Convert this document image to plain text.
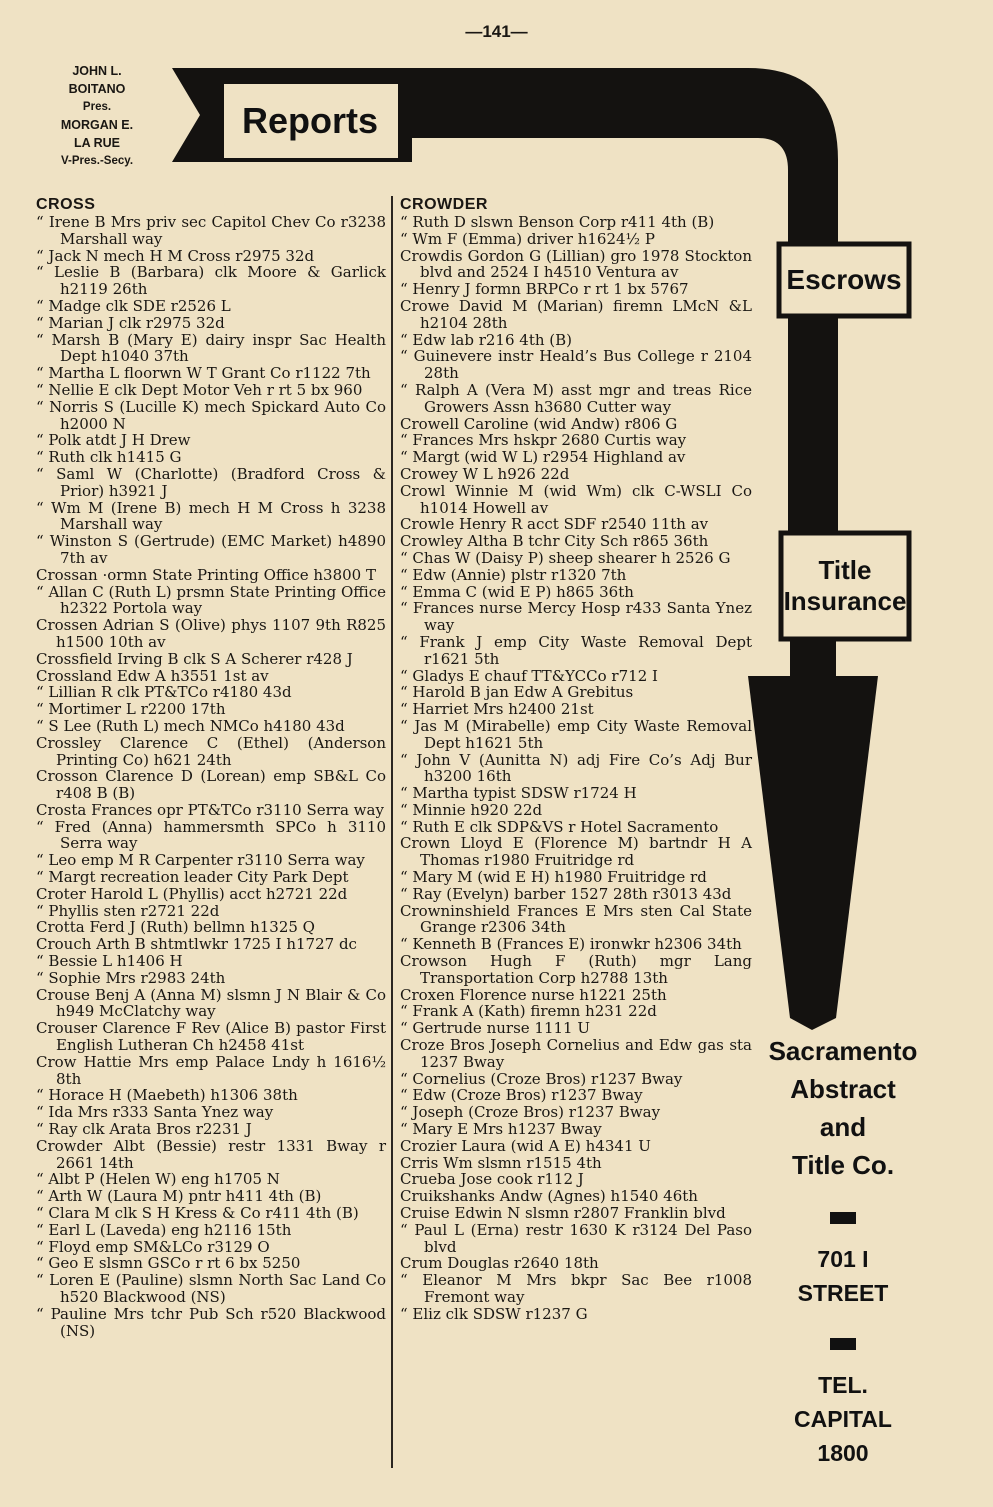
—141—
JOHN L.
BOITANO
Pres.
MORGAN E.
LA RUE
V-Pres.-Secy.
Reports
Escrows
Title
Insurance
Sacramento
Abstract
and
Title Co.
701 I
STREET
TEL.
CAPITAL
1800
CROSS
“ Irene B Mrs priv sec Capitol Chev Co r3238 Marshall way
“ Jack N mech H M Cross r2975 32d
“ Leslie B (Barbara) clk Moore & Garlick h2119 26th
“ Madge clk SDE r2526 L
“ Marian J clk r2975 32d
“ Marsh B (Mary E) dairy inspr Sac Health Dept h1040 37th
“ Martha L floorwn W T Grant Co r1122 7th
“ Nellie E clk Dept Motor Veh r rt 5 bx 960
“ Norris S (Lucille K) mech Spickard Auto Co h2000 N
“ Polk atdt J H Drew
“ Ruth clk h1415 G
“ Saml W (Charlotte) (Bradford Cross & Prior) h3921 J
“ Wm M (Irene B) mech H M Cross h 3238 Marshall way
“ Winston S (Gertrude) (EMC Market) h4890 7th av
Crossan ·ormn State Printing Office h3800 T
“ Allan C (Ruth L) prsmn State Printing Office h2322 Portola way
Crossen Adrian S (Olive) phys 1107 9th R825 h1500 10th av
Crossfield Irving B clk S A Scherer r428 J
Crossland Edw A h3551 1st av
“ Lillian R clk PT&TCo r4180 43d
“ Mortimer L r2200 17th
“ S Lee (Ruth L) mech NMCo h4180 43d
Crossley Clarence C (Ethel) (Anderson Printing Co) h621 24th
Crosson Clarence D (Lorean) emp SB&L Co r408 B (B)
Crosta Frances opr PT&TCo r3110 Serra way
“ Fred (Anna) hammersmth SPCo h 3110 Serra way
“ Leo emp M R Carpenter r3110 Serra way
“ Margt recreation leader City Park Dept
Croter Harold L (Phyllis) acct h2721 22d
“ Phyllis sten r2721 22d
Crotta Ferd J (Ruth) bellmn h1325 Q
Crouch Arth B shtmtlwkr 1725 I h1727 dc
“ Bessie L h1406 H
“ Sophie Mrs r2983 24th
Crouse Benj A (Anna M) slsmn J N Blair & Co h949 McClatchy way
Crouser Clarence F Rev (Alice B) pastor First English Lutheran Ch h2458 41st
Crow Hattie Mrs emp Palace Lndy h 1616½ 8th
“ Horace H (Maebeth) h1306 38th
“ Ida Mrs r333 Santa Ynez way
“ Ray clk Arata Bros r2231 J
Crowder Albt (Bessie) restr 1331 Bway r 2661 14th
“ Albt P (Helen W) eng h1705 N
“ Arth W (Laura M) pntr h411 4th (B)
“ Clara M clk S H Kress & Co r411 4th (B)
“ Earl L (Laveda) eng h2116 15th
“ Floyd emp SM&LCo r3129 O
“ Geo E slsmn GSCo r rt 6 bx 5250
“ Loren E (Pauline) slsmn North Sac Land Co h520 Blackwood (NS)
“ Pauline Mrs tchr Pub Sch r520 Blackwood (NS)
CROWDER
“ Ruth D slswn Benson Corp r411 4th (B)
“ Wm F (Emma) driver h1624½ P
Crowdis Gordon G (Lillian) gro 1978 Stockton blvd and 2524 I h4510 Ventura av
“ Henry J formn BRPCo r rt 1 bx 5767
Crowe David M (Marian) firemn LMcN &L h2104 28th
“ Edw lab r216 4th (B)
“ Guinevere instr Heald’s Bus College r 2104 28th
“ Ralph A (Vera M) asst mgr and treas Rice Growers Assn h3680 Cutter way
Crowell Caroline (wid Andw) r806 G
“ Frances Mrs hskpr 2680 Curtis way
“ Margt (wid W L) r2954 Highland av
Crowey W L h926 22d
Crowl Winnie M (wid Wm) clk C-WSLI Co h1014 Howell av
Crowle Henry R acct SDF r2540 11th av
Crowley Althа B tchr City Sch r865 36th
“ Chas W (Daisy P) sheep shearer h 2526 G
“ Edw (Annie) plstr r1320 7th
“ Emma C (wid E P) h865 36th
“ Frances nurse Mercy Hosp r433 Santa Ynez way
“ Frank J emp City Waste Removal Dept r1621 5th
“ Gladys E chauf TT&YCCo r712 I
“ Harold B jan Edw A Grebitus
“ Harriet Mrs h2400 21st
“ Jas M (Mirabelle) emp City Waste Removal Dept h1621 5th
“ John V (Aunitta N) adj Fire Co’s Adj Bur h3200 16th
“ Martha typist SDSW r1724 H
“ Minnie h920 22d
“ Ruth E clk SDP&VS r Hotel Sacramento
Crown Lloyd E (Florence M) bartndr H A Thomas r1980 Fruitridge rd
“ Mary M (wid E H) h1980 Fruitridge rd
“ Ray (Evelyn) barber 1527 28th r3013 43d
Crowninshield Frances E Mrs sten Cal State Grange r2306 34th
“ Kenneth B (Frances E) ironwkr h2306 34th
Crowson Hugh F (Ruth) mgr Lang Transportation Corp h2788 13th
Croxen Florence nurse h1221 25th
“ Frank A (Kath) firemn h231 22d
“ Gertrude nurse 1111 U
Croze Bros Joseph Cornelius and Edw gas sta 1237 Bway
“ Cornelius (Croze Bros) r1237 Bway
“ Edw (Croze Bros) r1237 Bway
“ Joseph (Croze Bros) r1237 Bway
“ Mary E Mrs h1237 Bway
Crozier Laura (wid A E) h4341 U
Crris Wm slsmn r1515 4th
Crueba Jose cook r112 J
Cruikshanks Andw (Agnes) h1540 46th
Cruise Edwin N slsmn r2807 Franklin blvd
“ Paul L (Erna) restr 1630 K r3124 Del Paso blvd
Crum Douglas r2640 18th
“ Eleanor M Mrs bkpr Sac Bee r1008 Fremont way
“ Eliz clk SDSW r1237 G
